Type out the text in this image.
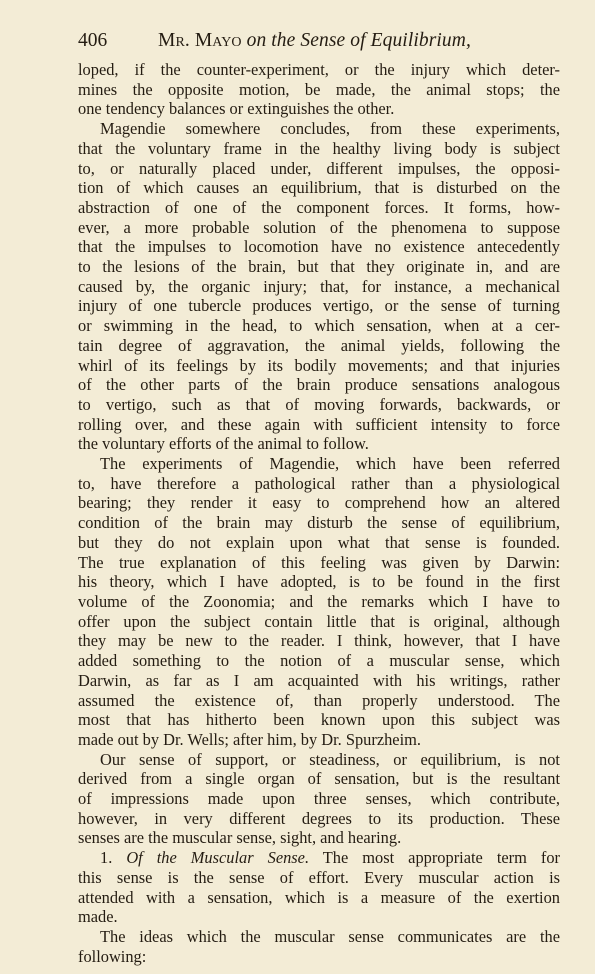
406	Mr. Mayo on the Sense of Equilibrium,
loped, if the counter-experiment, or the injury which deter-
mines the opposite motion, be made, the animal stops; the
one tendency balances or extinguishes the other.
Magendie somewhere concludes, from these experiments,
that the voluntary frame in the healthy living body is subject
to, or naturally placed under, different impulses, the opposi-
tion of which causes an equilibrium, that is disturbed on the
abstraction of one of the component forces. It forms, how-
ever, a more probable solution of the phenomena to suppose
that the impulses to locomotion have no existence antecedently
to the lesions of the brain, but that they originate in, and are
caused by, the organic injury; that, for instance, a mechanical
injury of one tubercle produces vertigo, or the sense of turning
or swimming in the head, to which sensation, when at a cer-
tain degree of aggravation, the animal yields, following the
whirl of its feelings by its bodily movements; and that injuries
of the other parts of the brain produce sensations analogous
to vertigo, such as that of moving forwards, backwards, or
rolling over, and these again with sufficient intensity to force
the voluntary efforts of the animal to follow.
The experiments of Magendie, which have been referred
to, have therefore a pathological rather than a physiological
bearing; they render it easy to comprehend how an altered
condition of the brain may disturb the sense of equilibrium,
but they do not explain upon what that sense is founded.
The true explanation of this feeling was given by Darwin:
his theory, which I have adopted, is to be found in the first
volume of the Zoonomia; and the remarks which I have to
offer upon the subject contain little that is original, although
they may be new to the reader. I think, however, that I have
added something to the notion of a muscular sense, which
Darwin, as far as I am acquainted with his writings, rather
assumed the existence of, than properly understood. The
most that has hitherto been known upon this subject was
made out by Dr. Wells; after him, by Dr. Spurzheim.
Our sense of support, or steadiness, or equilibrium, is not
derived from a single organ of sensation, but is the resultant
of impressions made upon three senses, which contribute,
however, in very different degrees to its production. These
senses are the muscular sense, sight, and hearing.
1. Of the Muscular Sense. The most appropriate term for
this sense is the sense of effort. Every muscular action is
attended with a sensation, which is a measure of the exertion
made.
The ideas which the muscular sense communicates are the
following:
